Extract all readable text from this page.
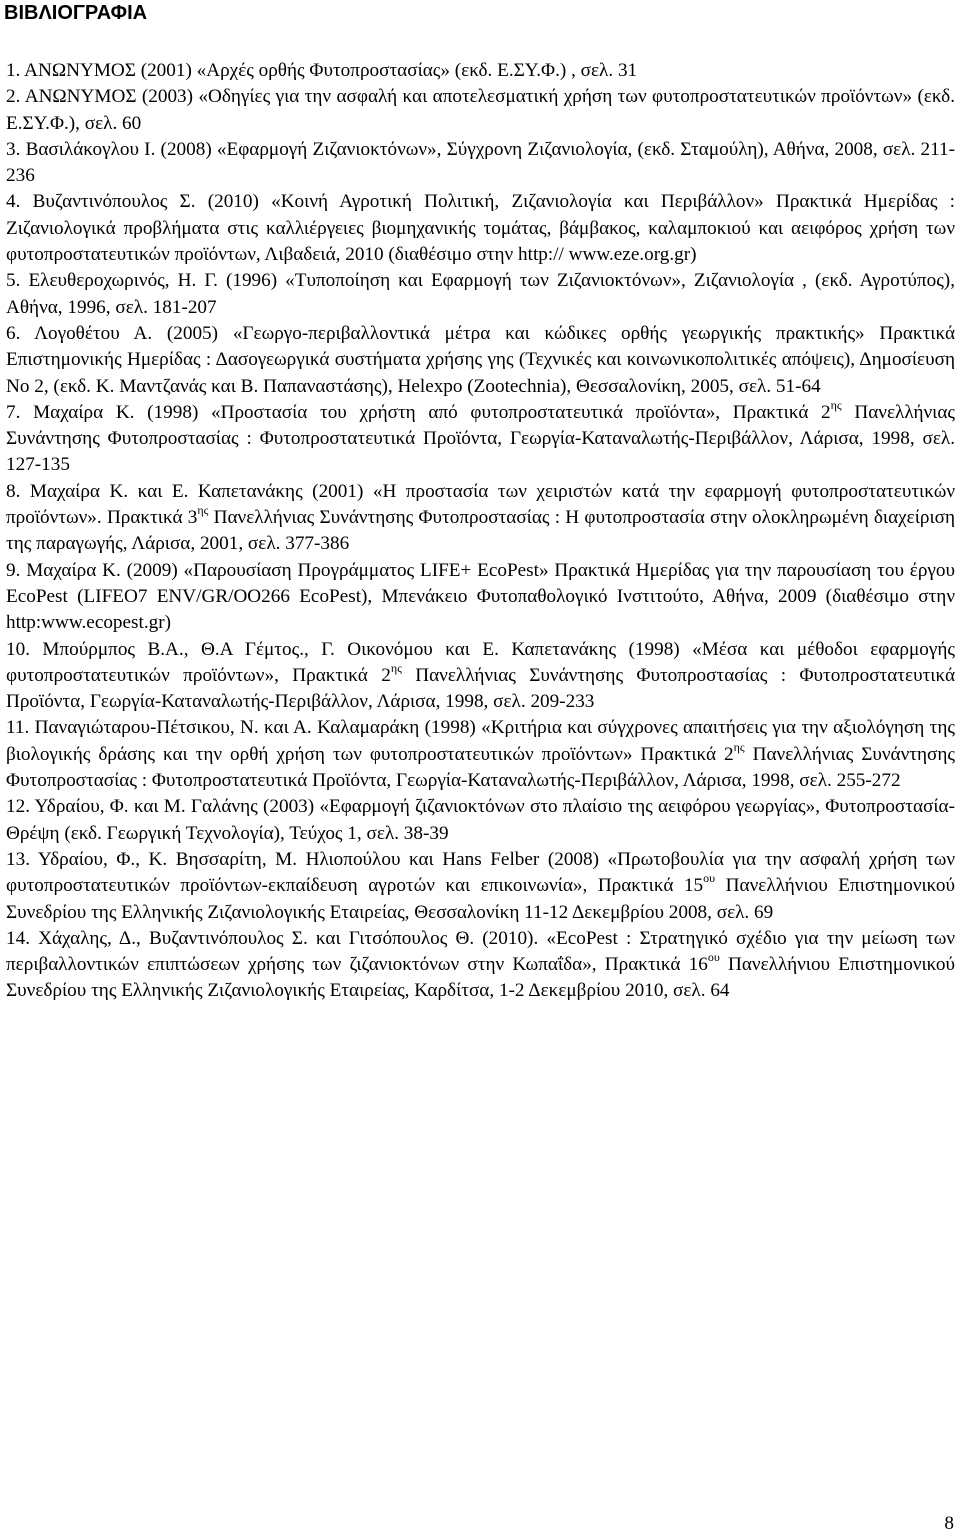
ΒΙΒΛΙΟΓΡΑΦΙΑ
1. ΑΝΩΝΥΜΟΣ (2001) «Αρχές ορθής Φυτοπροστασίας» (εκδ. Ε.ΣΥ.Φ.) , σελ. 31
2. ΑΝΩΝΥΜΟΣ (2003) «Οδηγίες για την ασφαλή και αποτελεσματική χρήση των φυτοπροστατευτικών προϊόντων» (εκδ. Ε.ΣΥ.Φ.), σελ. 60
3. Βασιλάκογλου Ι. (2008) «Εφαρμογή Ζιζανιοκτόνων», Σύγχρονη Ζιζανιολογία, (εκδ. Σταμούλη), Αθήνα, 2008, σελ. 211-236
4. Βυζαντινόπουλος Σ. (2010) «Κοινή Αγροτική Πολιτική, Ζιζανιολογία και Περιβάλλον» Πρακτικά Ημερίδας : Ζιζανιολογικά προβλήματα στις καλλιέργειες βιομηχανικής τομάτας, βάμβακος, καλαμποκιού και αειφόρος χρήση των φυτοπροστατευτικών προϊόντων, Λιβαδειά, 2010 (διαθέσιμο στην http:// www.eze.org.gr)
5. Ελευθεροχωρινός, Η. Γ. (1996) «Τυποποίηση και Εφαρμογή των Ζιζανιοκτόνων», Ζιζανιολογία , (εκδ. Αγροτύπος), Αθήνα, 1996, σελ. 181-207
6. Λογοθέτου Α. (2005) «Γεωργο-περιβαλλοντικά μέτρα και κώδικες ορθής γεωργικής πρακτικής» Πρακτικά Επιστημονικής Ημερίδας : Δασογεωργικά συστήματα χρήσης γης (Τεχνικές και κοινωνικοπολιτικές απόψεις), Δημοσίευση Νο 2, (εκδ. Κ. Μαντζανάς και Β. Παπαναστάσης), Helexpo (Zootechnia), Θεσσαλονίκη, 2005, σελ. 51-64
7. Μαχαίρα Κ. (1998) «Προστασία του χρήστη από φυτοπροστατευτικά προϊόντα», Πρακτικά $2^{\eta\varsigma}$ Πανελλήνιας Συνάντησης Φυτοπροστασίας : Φυτοπροστατευτικά Προϊόντα, Γεωργία-Καταναλωτής-Περιβάλλον, Λάρισα, 1998, σελ. 127-135
8. Μαχαίρα Κ. και Ε. Καπετανάκης (2001) «Η προστασία των χειριστών κατά την εφαρμογή φυτοπροστατευτικών προϊόντων». Πρακτικά $3^{\eta\varsigma}$ Πανελλήνιας Συνάντησης Φυτοπροστασίας : Η φυτοπροστασία στην ολοκληρωμένη διαχείριση της παραγωγής, Λάρισα, 2001, σελ. 377-386
9. Μαχαίρα Κ. (2009) «Παρουσίαση Προγράμματος LIFE+ EcoPest» Πρακτικά Ημερίδας για την παρουσίαση του έργου EcoPest (LIFEO7 ENV/GR/OO266 EcoPest), Μπενάκειο Φυτοπαθολογικό Ινστιτούτο, Αθήνα, 2009 (διαθέσιμο στην http:www.ecopest.gr)
10. Μπούρμπος Β.Α., Θ.Α Γέμτος., Γ. Οικονόμου και Ε. Καπετανάκης (1998) «Μέσα και μέθοδοι εφαρμογής φυτοπροστατευτικών προϊόντων», Πρακτικά $2^{\eta\varsigma}$ Πανελλήνιας Συνάντησης Φυτοπροστασίας : Φυτοπροστατευτικά Προϊόντα, Γεωργία-Καταναλωτής-Περιβάλλον, Λάρισα, 1998, σελ. 209-233
11. Παναγιώταρου-Πέτσικου, Ν. και Α. Καλαμαράκη (1998) «Κριτήρια και σύγχρονες απαιτήσεις για την αξιολόγηση της βιολογικής δράσης και την ορθή χρήση των φυτοπροστατευτικών προϊόντων» Πρακτικά $2^{\eta\varsigma}$ Πανελλήνιας Συνάντησης Φυτοπροστασίας : Φυτοπροστατευτικά Προϊόντα, Γεωργία-Καταναλωτής-Περιβάλλον, Λάρισα, 1998, σελ. 255-272
12. Υδραίου, Φ. και Μ. Γαλάνης (2003) «Εφαρμογή ζιζανιοκτόνων στο πλαίσιο της αειφόρου γεωργίας», Φυτοπροστασία-Θρέψη (εκδ. Γεωργική Τεχνολογία), Τεύχος 1, σελ. 38-39
13. Υδραίου, Φ., Κ. Βησσαρίτη, Μ. Ηλιοπούλου και Hans Felber (2008) «Πρωτοβουλία για την ασφαλή χρήση των φυτοπροστατευτικών προϊόντων-εκπαίδευση αγροτών και επικοινωνία», Πρακτικά $15^{o\upsilon}$ Πανελλήνιου Επιστημονικού Συνεδρίου της Ελληνικής Ζιζανιολογικής Εταιρείας, Θεσσαλονίκη 11-12 Δεκεμβρίου 2008, σελ. 69
14. Χάχαλης, Δ., Βυζαντινόπουλος Σ. και Γιτσόπουλος Θ. (2010). «EcoPest : Στρατηγικό σχέδιο για την μείωση των περιβαλλοντικών επιπτώσεων χρήσης των ζιζανιοκτόνων στην Κωπαΐδα», Πρακτικά $16^{o\upsilon}$ Πανελλήνιου Επιστημονικού Συνεδρίου της Ελληνικής Ζιζανιολογικής Εταιρείας, Καρδίτσα, 1-2 Δεκεμβρίου 2010, σελ. 64
8
